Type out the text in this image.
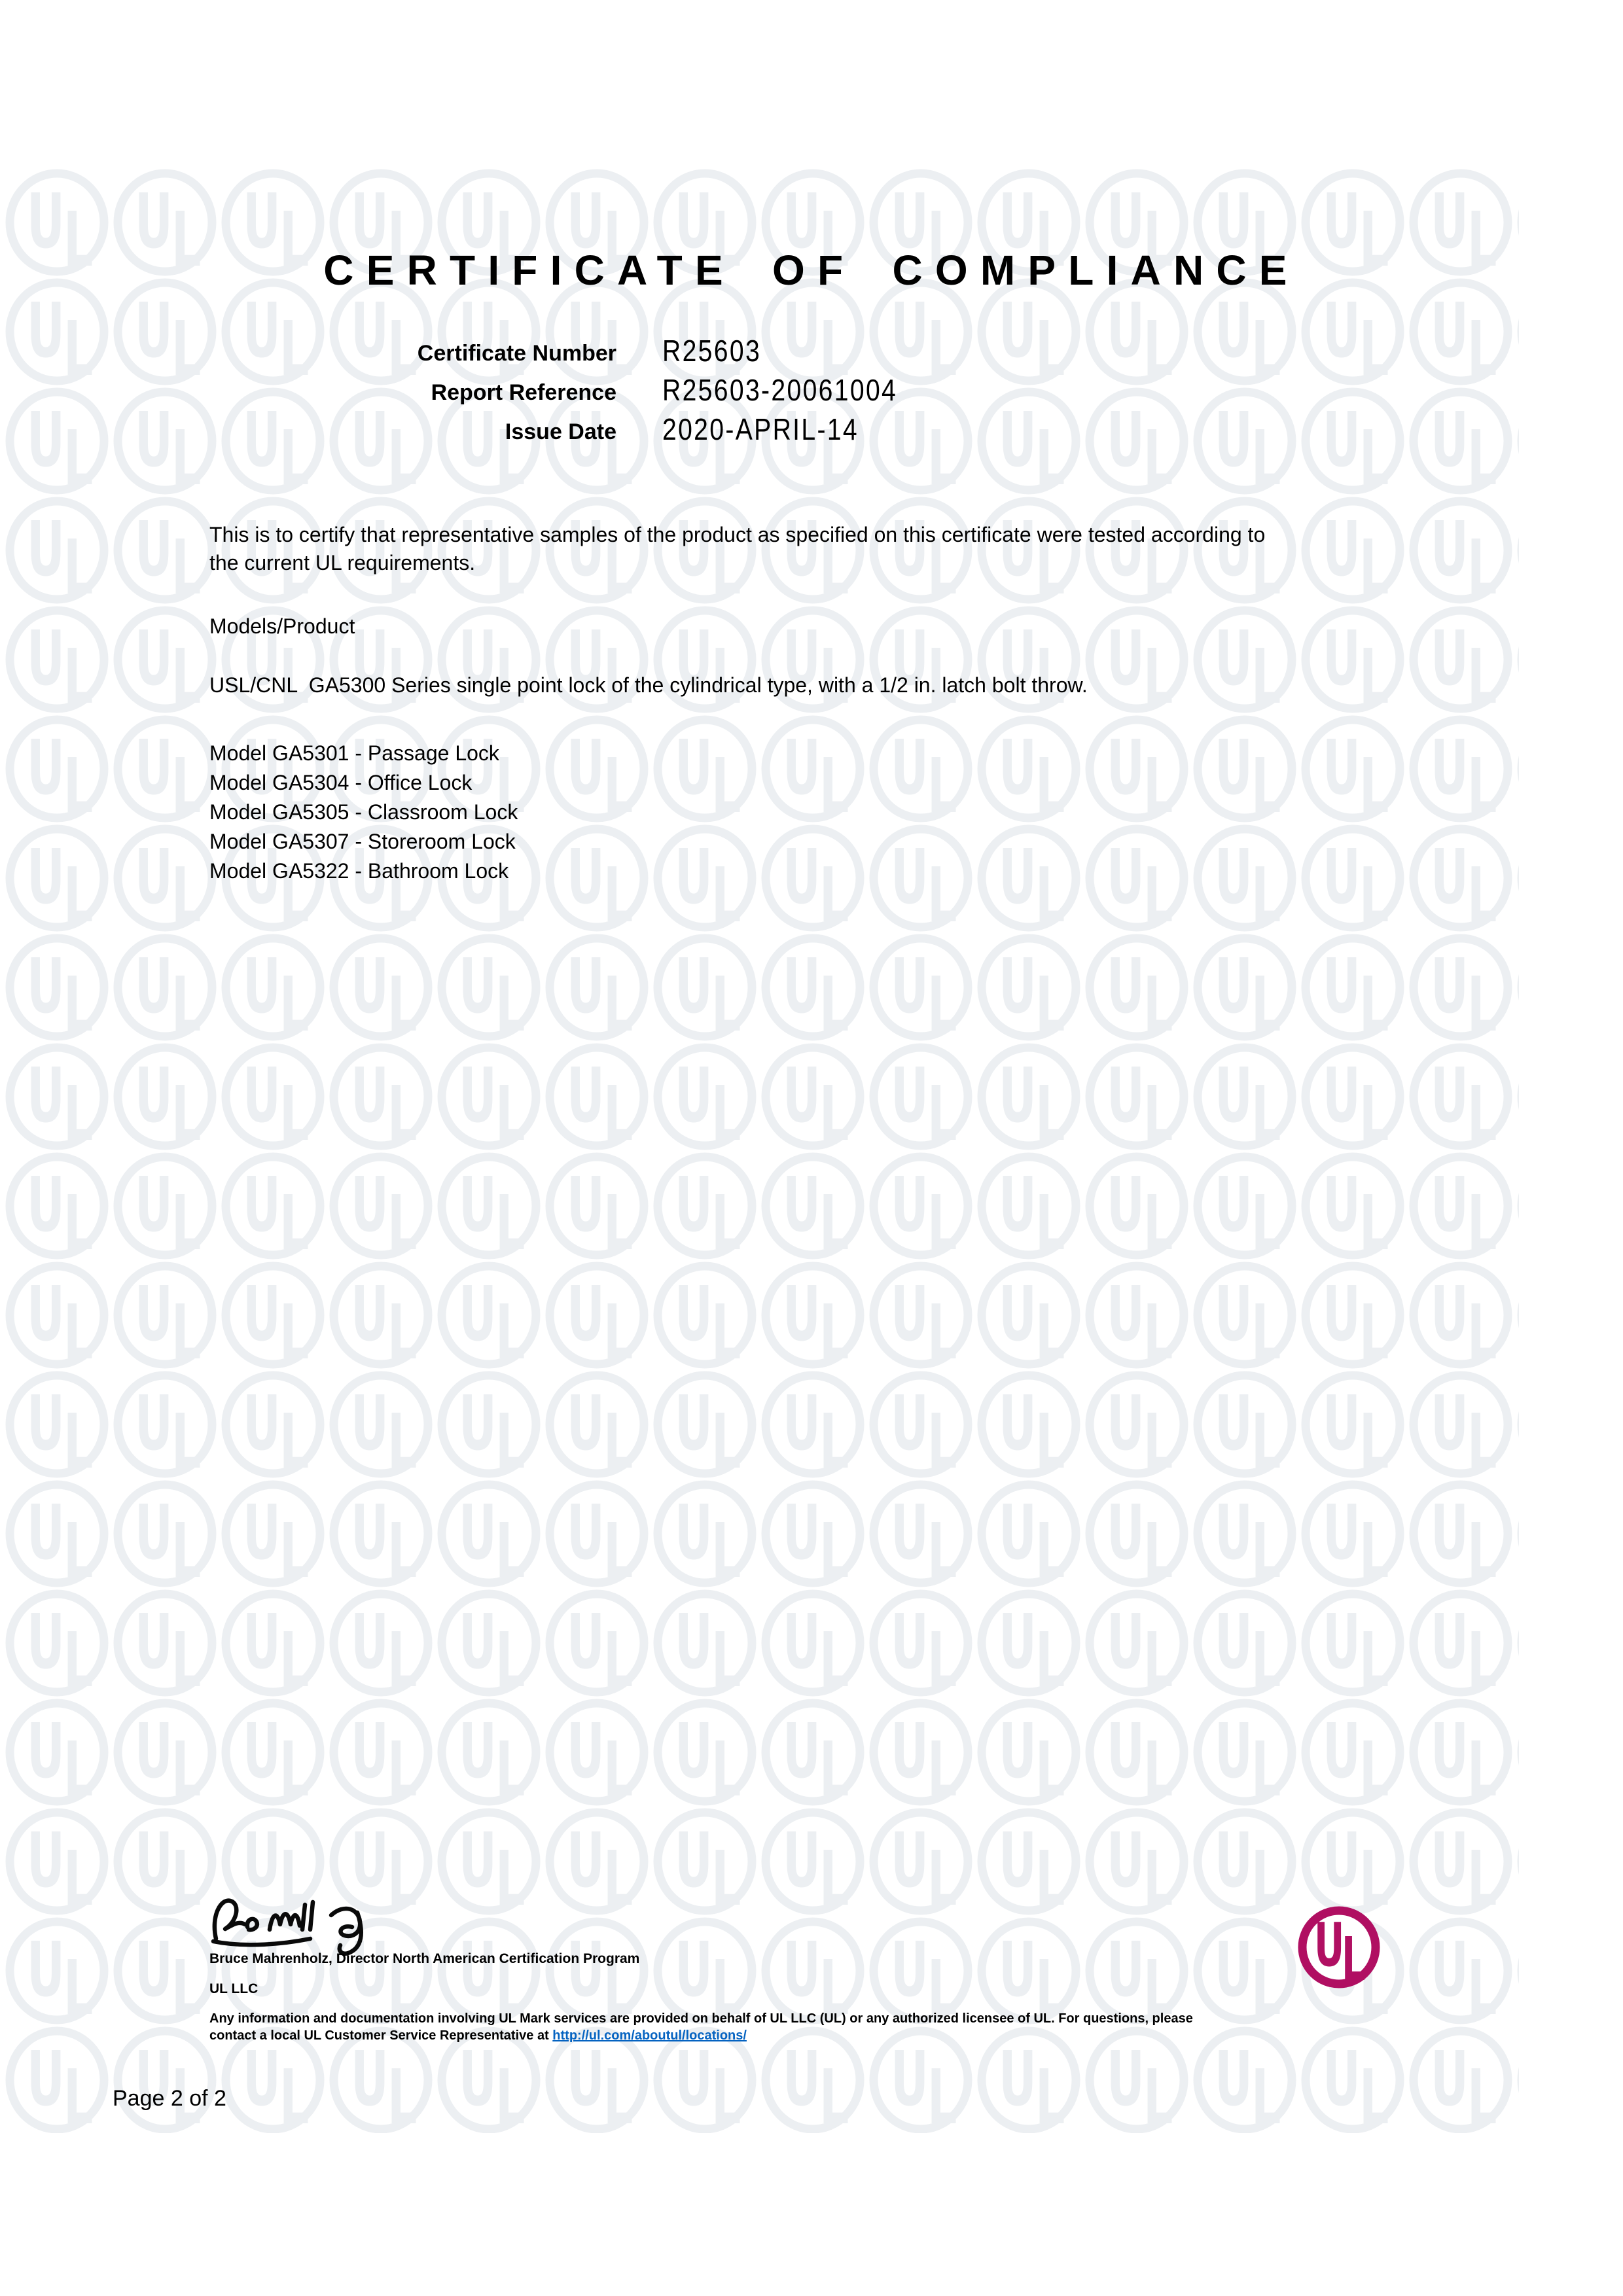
CERTIFICATE OF COMPLIANCE
Certificate Number R25603
Report Reference R25603-20061004
Issue Date 2020-APRIL-14
This is to certify that representative samples of the product as specified on this certificate were tested according to the current UL requirements.
Models/Product
USL/CNL  GA5300 Series single point lock of the cylindrical type, with a 1/2 in. latch bolt throw.
Model GA5301 - Passage Lock
Model GA5304 - Office Lock
Model GA5305 - Classroom Lock
Model GA5307 - Storeroom Lock
Model GA5322 - Bathroom Lock
Bruce Mahrenholz, Director North American Certification Program
UL LLC
Any information and documentation involving UL Mark services are provided on behalf of UL LLC (UL) or any authorized licensee of UL. For questions, please
contact a local UL Customer Service Representative at http://ul.com/aboutul/locations/
Page 2 of 2
U
L
